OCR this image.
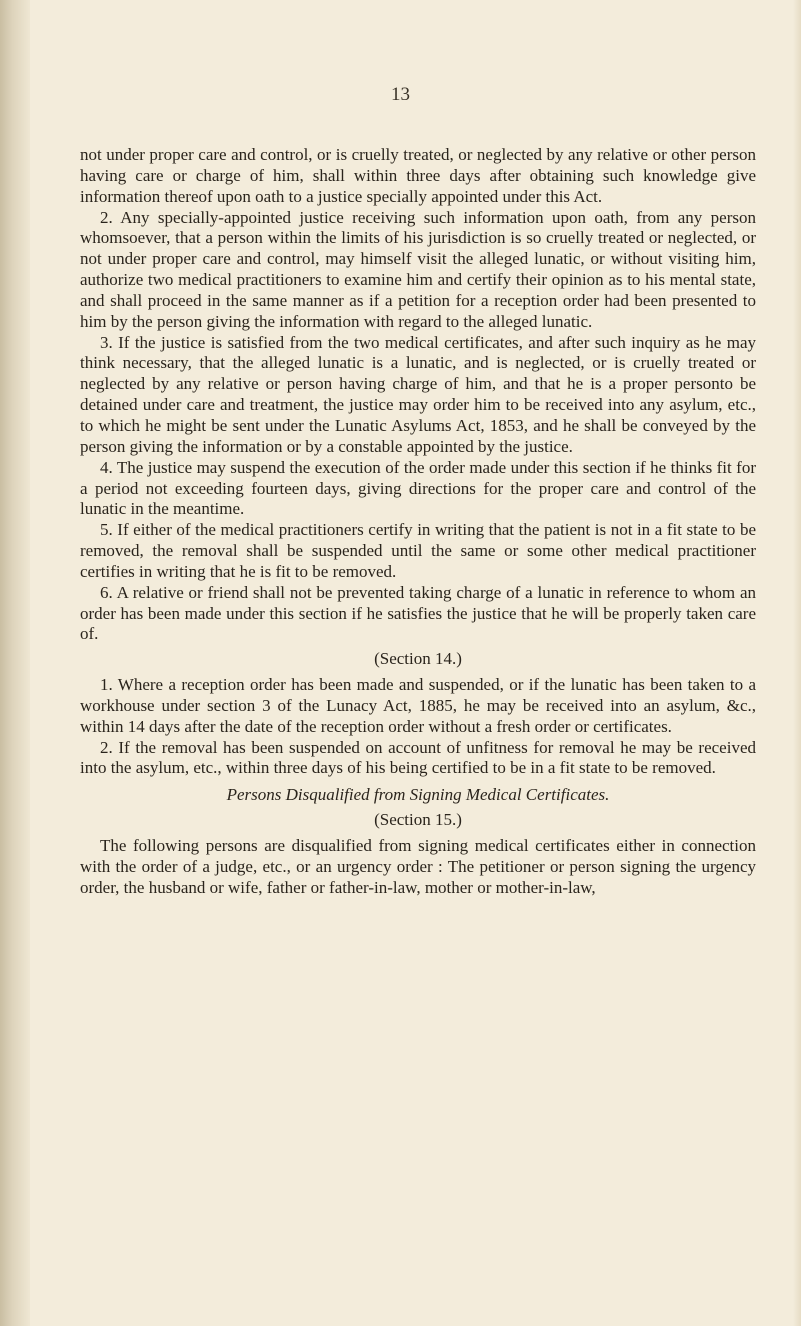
13

not under proper care and control, or is cruelly treated, or neglected by any relative or other person having care or charge of him, shall within three days after obtaining such knowledge give information thereof upon oath to a justice specially appointed under this Act.

2. Any specially-appointed justice receiving such information upon oath, from any person whomsoever, that a person within the limits of his jurisdiction is so cruelly treated or neglected, or not under proper care and control, may himself visit the alleged lunatic, or without visiting him, authorize two medical practitioners to examine him and certify their opinion as to his mental state, and shall proceed in the same manner as if a petition for a reception order had been presented to him by the person giving the information with regard to the alleged lunatic.

3. If the justice is satisfied from the two medical certificates, and after such inquiry as he may think necessary, that the alleged lunatic is a lunatic, and is neglected, or is cruelly treated or neglected by any relative or person having charge of him, and that he is a proper personto be detained under care and treatment, the justice may order him to be received into any asylum, etc., to which he might be sent under the Lunatic Asylums Act, 1853, and he shall be conveyed by the person giving the information or by a constable appointed by the justice.

4. The justice may suspend the execution of the order made under this section if he thinks fit for a period not exceeding fourteen days, giving directions for the proper care and control of the lunatic in the meantime.

5. If either of the medical practitioners certify in writing that the patient is not in a fit state to be removed, the removal shall be suspended until the same or some other medical practitioner certifies in writing that he is fit to be removed.

6. A relative or friend shall not be prevented taking charge of a lunatic in reference to whom an order has been made under this section if he satisfies the justice that he will be properly taken care of.

(Section 14.)

1. Where a reception order has been made and suspended, or if the lunatic has been taken to a workhouse under section 3 of the Lunacy Act, 1885, he may be received into an asylum, &c., within 14 days after the date of the reception order without a fresh order or certificates.

2. If the removal has been suspended on account of unfitness for removal he may be received into the asylum, etc., within three days of his being certified to be in a fit state to be removed.

Persons Disqualified from Signing Medical Certificates.

(Section 15.)

The following persons are disqualified from signing medical certificates either in connection with the order of a judge, etc., or an urgency order : The petitioner or person signing the urgency order, the husband or wife, father or father-in-law, mother or mother-in-law,
